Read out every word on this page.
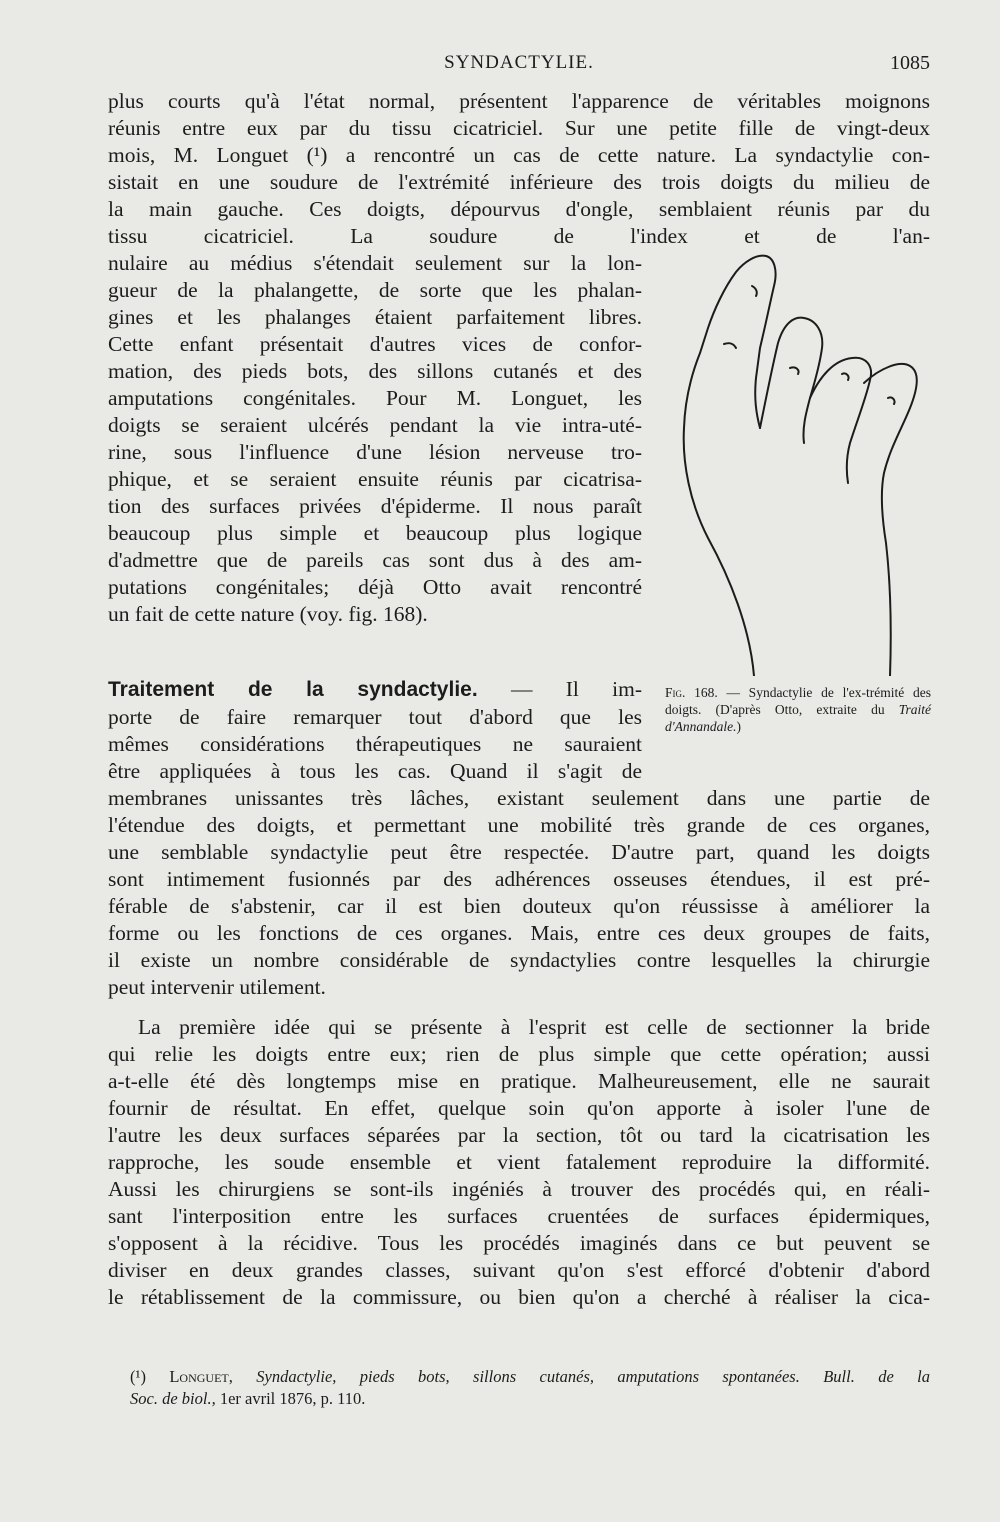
SYNDACTYLIE.	1085
plus courts qu'à l'état normal, présentent l'apparence de véritables moignons
réunis entre eux par du tissu cicatriciel. Sur une petite fille de vingt-deux
mois, M. Longuet (¹) a rencontré un cas de cette nature. La syndactylie con-
sistait en une soudure de l'extrémité inférieure des trois doigts du milieu de
la main gauche. Ces doigts, dépourvus d'ongle, semblaient réunis par du
tissu cicatriciel. La soudure de l'index et de l'an-
nulaire au médius s'étendait seulement sur la lon-
gueur de la phalangette, de sorte que les phalan-
gines et les phalanges étaient parfaitement libres.
Cette enfant présentait d'autres vices de confor-
mation, des pieds bots, des sillons cutanés et des
amputations congénitales. Pour M. Longuet, les
doigts se seraient ulcérés pendant la vie intra-uté-
rine, sous l'influence d'une lésion nerveuse tro-
phique, et se seraient ensuite réunis par cicatrisa-
tion des surfaces privées d'épiderme. Il nous paraît
beaucoup plus simple et beaucoup plus logique
d'admettre que de pareils cas sont dus à des am-
putations congénitales; déjà Otto avait rencontré
un fait de cette nature (voy. fig. 168).
Traitement de la syndactylie. — Il im-
porte de faire remarquer tout d'abord que les
mêmes considérations thérapeutiques ne sauraient
être appliquées à tous les cas. Quand il s'agit de
membranes unissantes très lâches, existant seulement dans une partie de
l'étendue des doigts, et permettant une mobilité très grande de ces organes,
une semblable syndactylie peut être respectée. D'autre part, quand les doigts
sont intimement fusionnés par des adhérences osseuses étendues, il est pré-
férable de s'abstenir, car il est bien douteux qu'on réussisse à améliorer la
forme ou les fonctions de ces organes. Mais, entre ces deux groupes de faits,
il existe un nombre considérable de syndactylies contre lesquelles la chirurgie
peut intervenir utilement.
La première idée qui se présente à l'esprit est celle de sectionner la bride
qui relie les doigts entre eux; rien de plus simple que cette opération; aussi
a-t-elle été dès longtemps mise en pratique. Malheureusement, elle ne saurait
fournir de résultat. En effet, quelque soin qu'on apporte à isoler l'une de
l'autre les deux surfaces séparées par la section, tôt ou tard la cicatrisation les
rapproche, les soude ensemble et vient fatalement reproduire la difformité.
Aussi les chirurgiens se sont-ils ingéniés à trouver des procédés qui, en réali-
sant l'interposition entre les surfaces cruentées de surfaces épidermiques,
s'opposent à la récidive. Tous les procédés imaginés dans ce but peuvent se
diviser en deux grandes classes, suivant qu'on s'est efforcé d'obtenir d'abord
le rétablissement de la commissure, ou bien qu'on a cherché à réaliser la cica-
Fig. 168. — Syndactylie de l'ex-trémité des doigts. (D'après Otto, extraite du Traité d'Annandale.)
(¹) Longuet, Syndactylie, pieds bots, sillons cutanés, amputations spontanées. Bull. de la
Soc. de biol., 1er avril 1876, p. 110.
